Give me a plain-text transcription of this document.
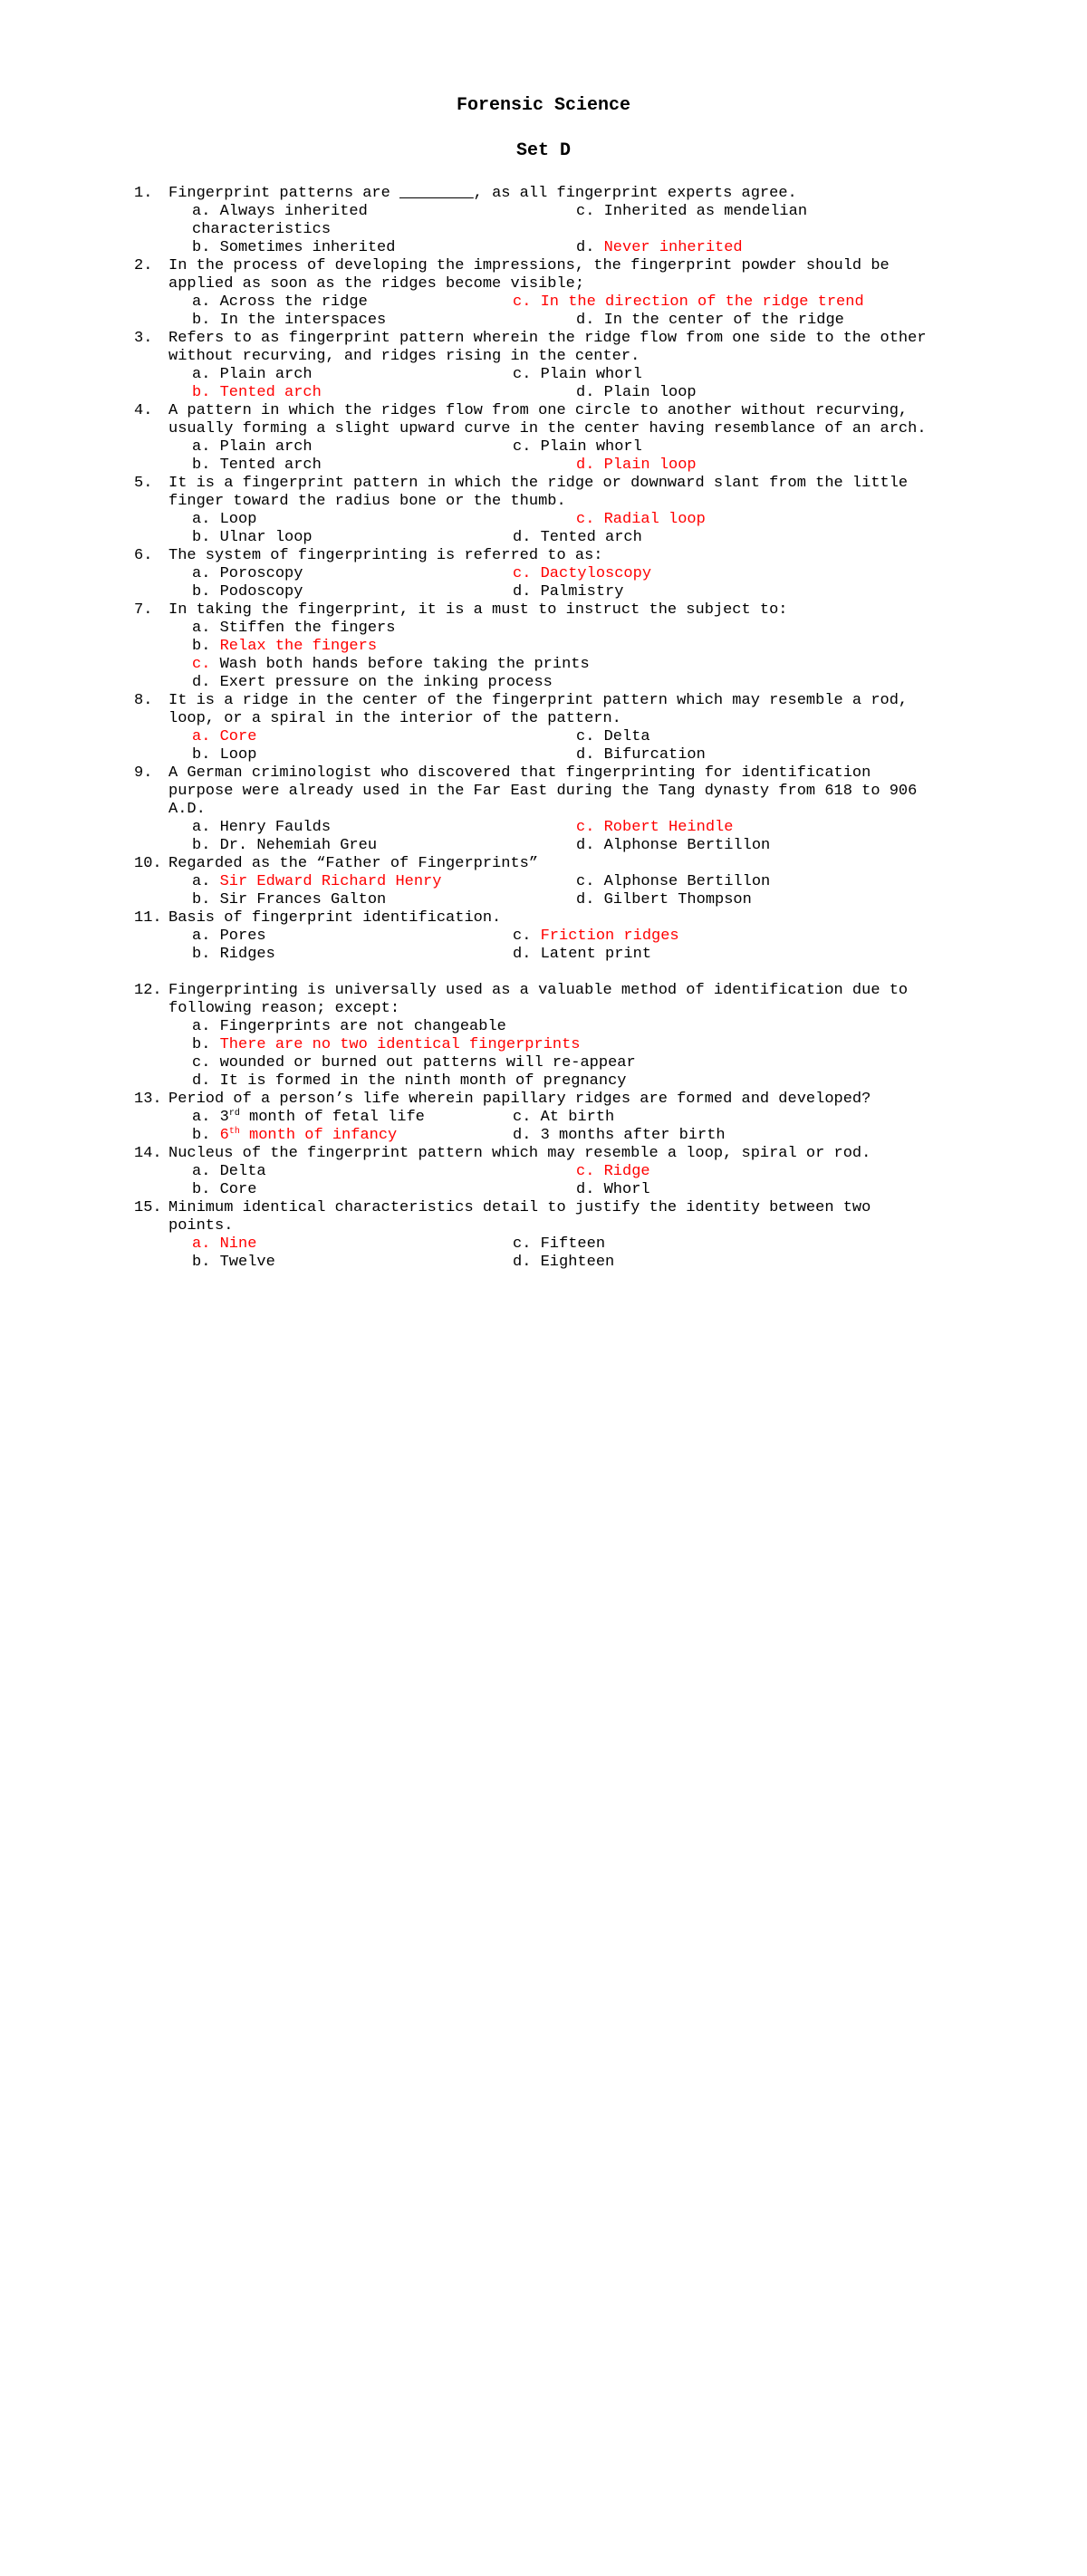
Forensic Science
Set D

1.

Fingerprint patterns are ________, as all fingerprint experts agree.

a. Always inherited

	c. Inherited as mendelian

characteristics

b. Sometimes inherited

	d. Never inherited

2.

In the process of developing the impressions, the fingerprint powder should be

applied as soon as the ridges become visible;

a. Across the ridge

	c. In the direction of the ridge trend

b. In the interspaces

	d. In the center of the ridge

3.

Refers to as fingerprint pattern wherein the ridge flow from one side to the other

without recurving, and ridges rising in the center.

a. Plain arch

	c. Plain whorl

b. Tented arch

	d. Plain loop

4.

A pattern in which the ridges flow from one circle to another without recurving,

usually forming a slight upward curve in the center having resemblance of an arch.

a. Plain arch

	c. Plain whorl

b. Tented arch

	d. Plain loop

5.

It is a fingerprint pattern in which the ridge or downward slant from the little

finger toward the radius bone or the thumb.

a. Loop

	c. Radial loop

b. Ulnar loop

	d. Tented arch

6.

The system of fingerprinting is referred to as:

a. Poroscopy

	c. Dactyloscopy

b. Podoscopy

	d. Palmistry

7.

In taking the fingerprint, it is a must to instruct the subject to:

a. Stiffen the fingers

b. Relax the fingers

c. Wash both hands before taking the prints

d. Exert pressure on the inking process

8.

It is a ridge in the center of the fingerprint pattern which may resemble a rod,

loop, or a spiral in the interior of the pattern.

a. Core

	c. Delta

b. Loop

	d. Bifurcation

9.

A German criminologist who discovered that fingerprinting for identification

purpose were already used in the Far East during the Tang dynasty from 618 to 906

A.D.

a. Henry Faulds

	c. Robert Heindle

b. Dr. Nehemiah Greu

	d. Alphonse Bertillon

10.

Regarded as the “Father of Fingerprints”

a. Sir Edward Richard Henry

	c. Alphonse Bertillon

b. Sir Frances Galton

	d. Gilbert Thompson

11.

Basis of fingerprint identification.

a. Pores

	c. Friction ridges

b. Ridges

	d. Latent print

12.

Fingerprinting is universally used as a valuable method of identification due to

following reason; except:

a. Fingerprints are not changeable

b. There are no two identical fingerprints

c. wounded or burned out patterns will re-appear

d. It is formed in the ninth month of pregnancy

13.

Period of a person’s life wherein papillary ridges are formed and developed?

a. 3rd month of fetal life

	c. At birth

b. 6th month of infancy

	d. 3 months after birth

14.

Nucleus of the fingerprint pattern which may resemble a loop, spiral or rod.

a. Delta

	c. Ridge

b. Core

	d. Whorl

15.

Minimum identical characteristics detail to justify the identity between two

points.

a. Nine

	c. Fifteen

b. Twelve

	d. Eighteen
